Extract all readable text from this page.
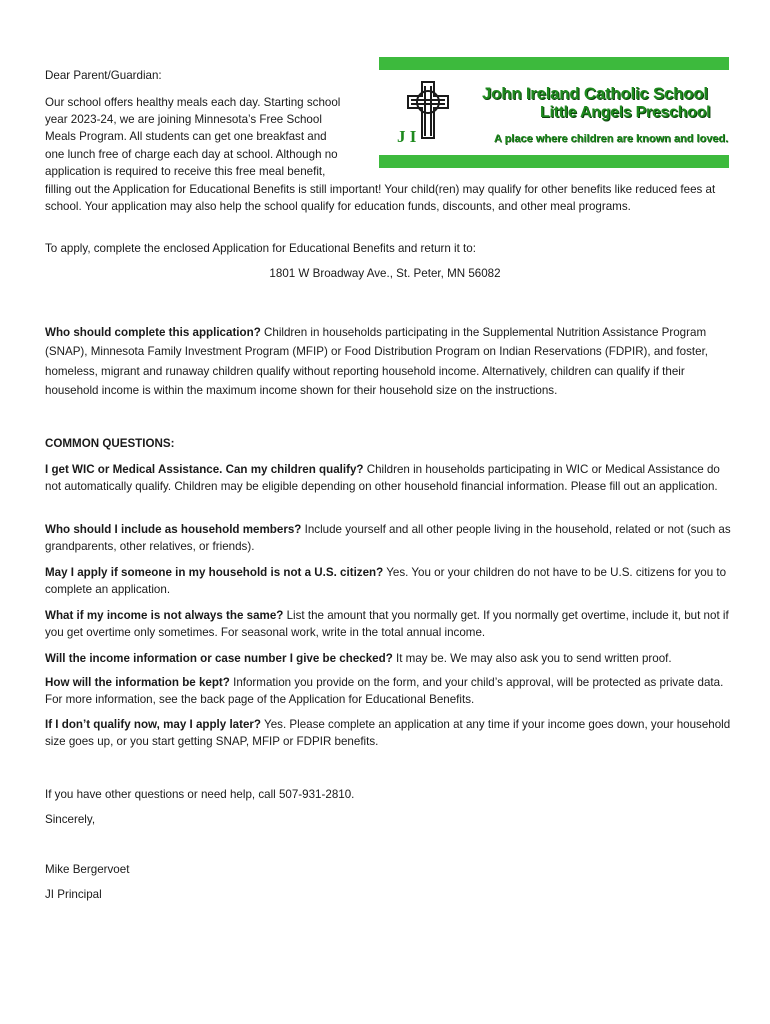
J I
John Ireland Catholic School
Little Angels Preschool
A place where children are known and loved.
Dear Parent/Guardian:
Our school offers healthy meals each day. Starting school
year 2023-24, we are joining Minnesota’s Free School
Meals Program. All students can get one breakfast and
one lunch free of charge each day at school. Although no
application is required to receive this free meal benefit,
filling out the Application for Educational Benefits is still important! Your child(ren) may qualify for other benefits like reduced fees at school. Your application may also help the school qualify for education funds, discounts, and other meal programs.
To apply, complete the enclosed Application for Educational Benefits and return it to:
1801 W Broadway Ave., St. Peter, MN 56082
Who should complete this application? Children in households participating in the Supplemental Nutrition Assistance Program (SNAP), Minnesota Family Investment Program (MFIP) or Food Distribution Program on Indian Reservations (FDPIR), and foster, homeless, migrant and runaway children qualify without reporting household income. Alternatively, children can qualify if their household income is within the maximum income shown for their household size on the instructions.
COMMON QUESTIONS:
I get WIC or Medical Assistance. Can my children qualify? Children in households participating in WIC or Medical Assistance do not automatically qualify. Children may be eligible depending on other household financial information. Please fill out an application.
Who should I include as household members? Include yourself and all other people living in the household, related or not (such as grandparents, other relatives, or friends).
May I apply if someone in my household is not a U.S. citizen? Yes. You or your children do not have to be U.S. citizens for you to complete an application.
What if my income is not always the same? List the amount that you normally get. If you normally get overtime, include it, but not if you get overtime only sometimes. For seasonal work, write in the total annual income.
Will the income information or case number I give be checked? It may be. We may also ask you to send written proof.
How will the information be kept? Information you provide on the form, and your child’s approval, will be protected as private data. For more information, see the back page of the Application for Educational Benefits.
If I don’t qualify now, may I apply later? Yes. Please complete an application at any time if your income goes down, your household size goes up, or you start getting SNAP, MFIP or FDPIR benefits.
If you have other questions or need help, call 507-931-2810.
Sincerely,
Mike Bergervoet
JI Principal
